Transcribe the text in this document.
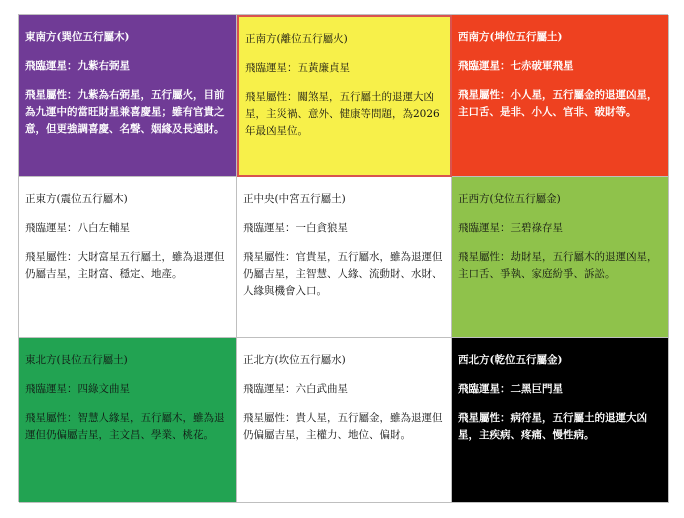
東南方(巽位五行屬木)
飛臨運星：九紫右弼星
飛星屬性：九紫為右弼星，五行屬火，目前為九運中的當旺財星兼喜慶星；雖有官貴之意，但更強調喜慶、名聲、姻緣及長遠財。
正南方(離位五行屬火)
飛臨運星：五黃廉貞星
飛星屬性：關煞星，五行屬土的退運大凶星，主災禍、意外、健康等問題，為2026年最凶星位。
西南方(坤位五行屬土)
飛臨運星：七赤破軍飛星
飛星屬性：小人星，五行屬金的退運凶星，主口舌、是非、小人、官非、破財等。
正東方(震位五行屬木)
飛臨運星：八白左輔星
飛星屬性：大財富星五行屬土，雖為退運但仍屬吉星，主財富、穩定、地產。
正中央(中宮五行屬土)
飛臨運星：一白貪狼星
飛星屬性：官貴星，五行屬水，雖為退運但仍屬吉星，主智慧、人緣、流動財、水財、人緣與機會入口。
正西方(兌位五行屬金)
飛臨運星：三碧祿存星
飛星屬性：劫財星，五行屬木的退運凶星，主口舌、爭執、家庭紛爭、訴訟。
東北方(艮位五行屬土)
飛臨運星：四綠文曲星
飛星屬性：智慧人緣星，五行屬木，雖為退運但仍偏屬吉星，主文昌、學業、桃花。
正北方(坎位五行屬水)
飛臨運星：六白武曲星
飛星屬性：貴人星，五行屬金，雖為退運但仍偏屬吉星，主權力、地位、偏財。
西北方(乾位五行屬金)
飛臨運星：二黑巨門星
飛星屬性：病符星，五行屬土的退運大凶星，主疾病、疼痛、慢性病。
